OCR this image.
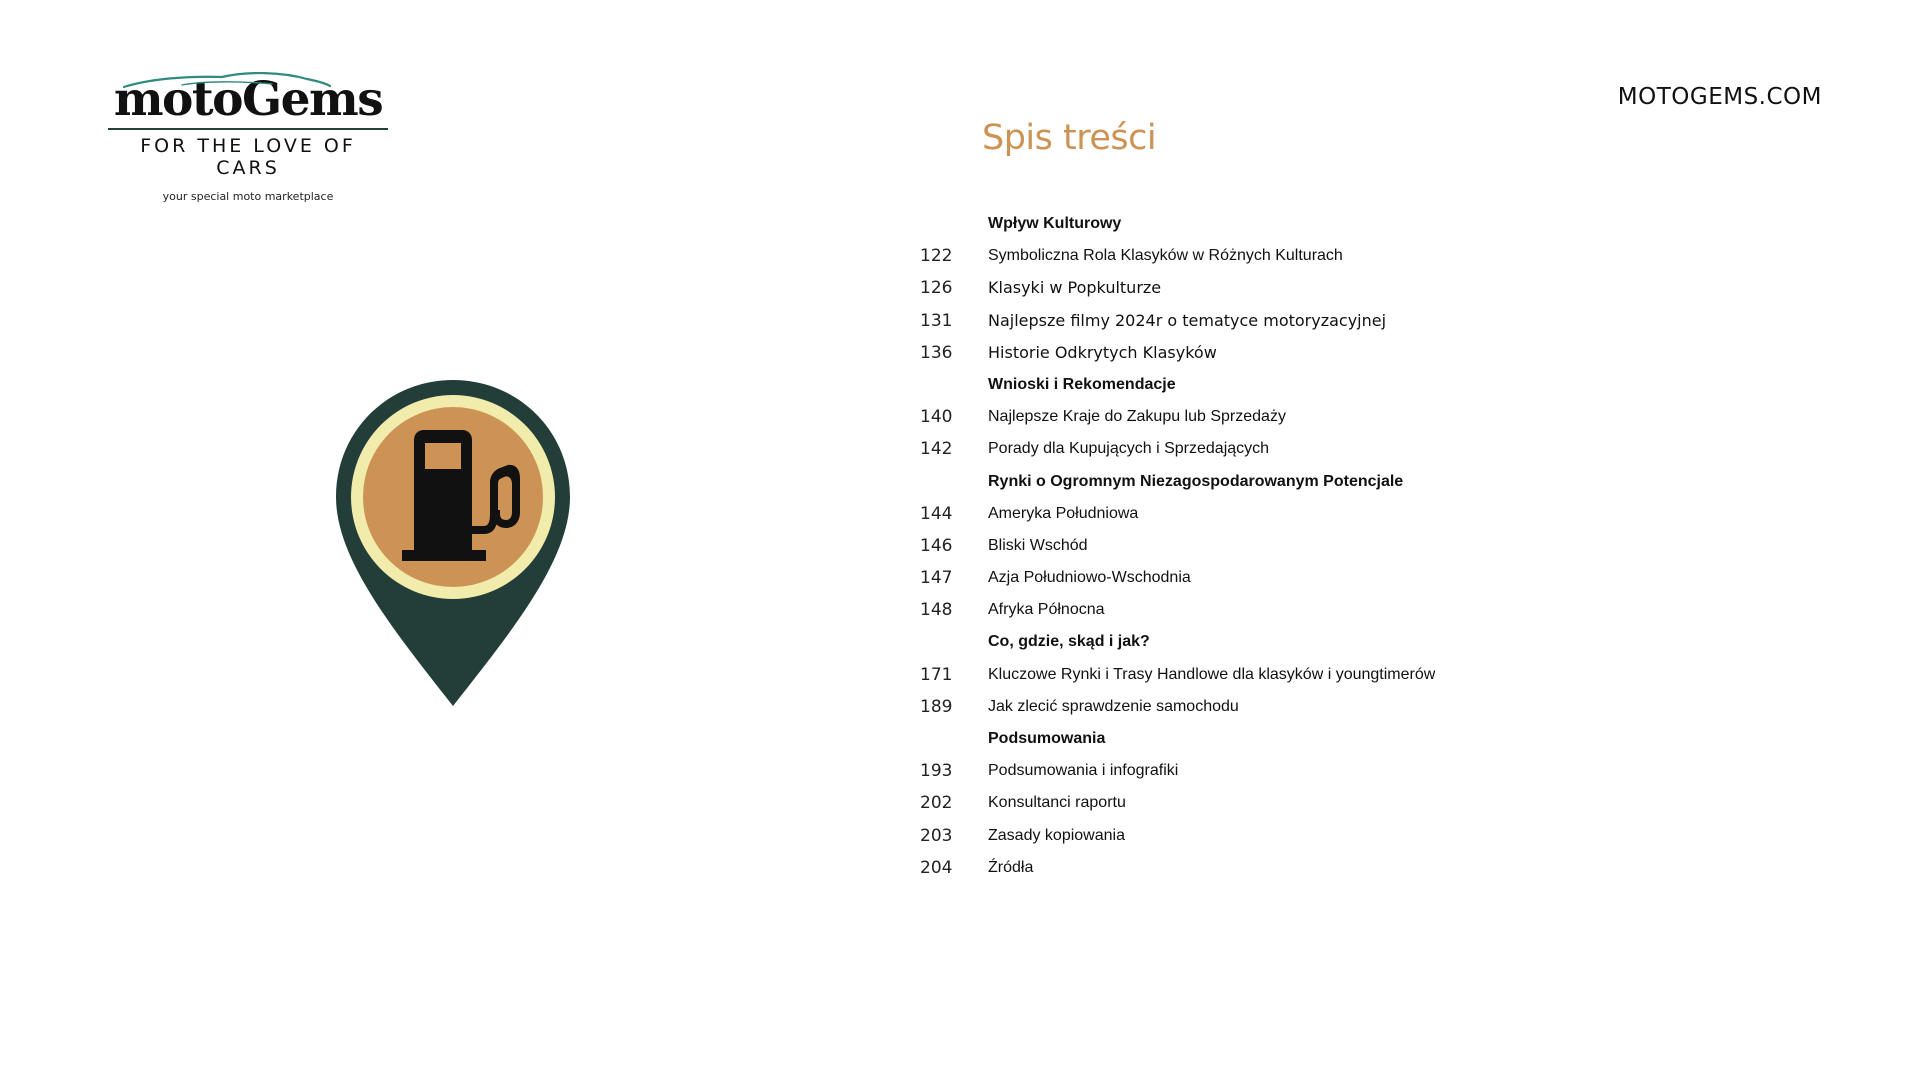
motoGems
FOR THE LOVE OF CARS
your special moto marketplace
MOTOGEMS.COM
Spis treści
Wpływ Kulturowy
122	Symboliczna Rola Klasyków w Różnych Kulturach
126	Klasyki w Popkulturze
131	Najlepsze filmy 2024r o tematyce motoryzacyjnej
136	Historie Odkrytych Klasyków
Wnioski i Rekomendacje
140	Najlepsze Kraje do Zakupu lub Sprzedaży
142	Porady dla Kupujących i Sprzedających
Rynki o Ogromnym Niezagospodarowanym Potencjale
144	Ameryka Południowa
146	Bliski Wschód
147	Azja Południowo-Wschodnia
148	Afryka Północna
Co, gdzie, skąd i jak?
171	Kluczowe Rynki i Trasy Handlowe dla klasyków i youngtimerów
189	Jak zlecić sprawdzenie samochodu
Podsumowania
193	Podsumowania i infografiki
202	Konsultanci raportu
203	Zasady kopiowania
204	Źródła
